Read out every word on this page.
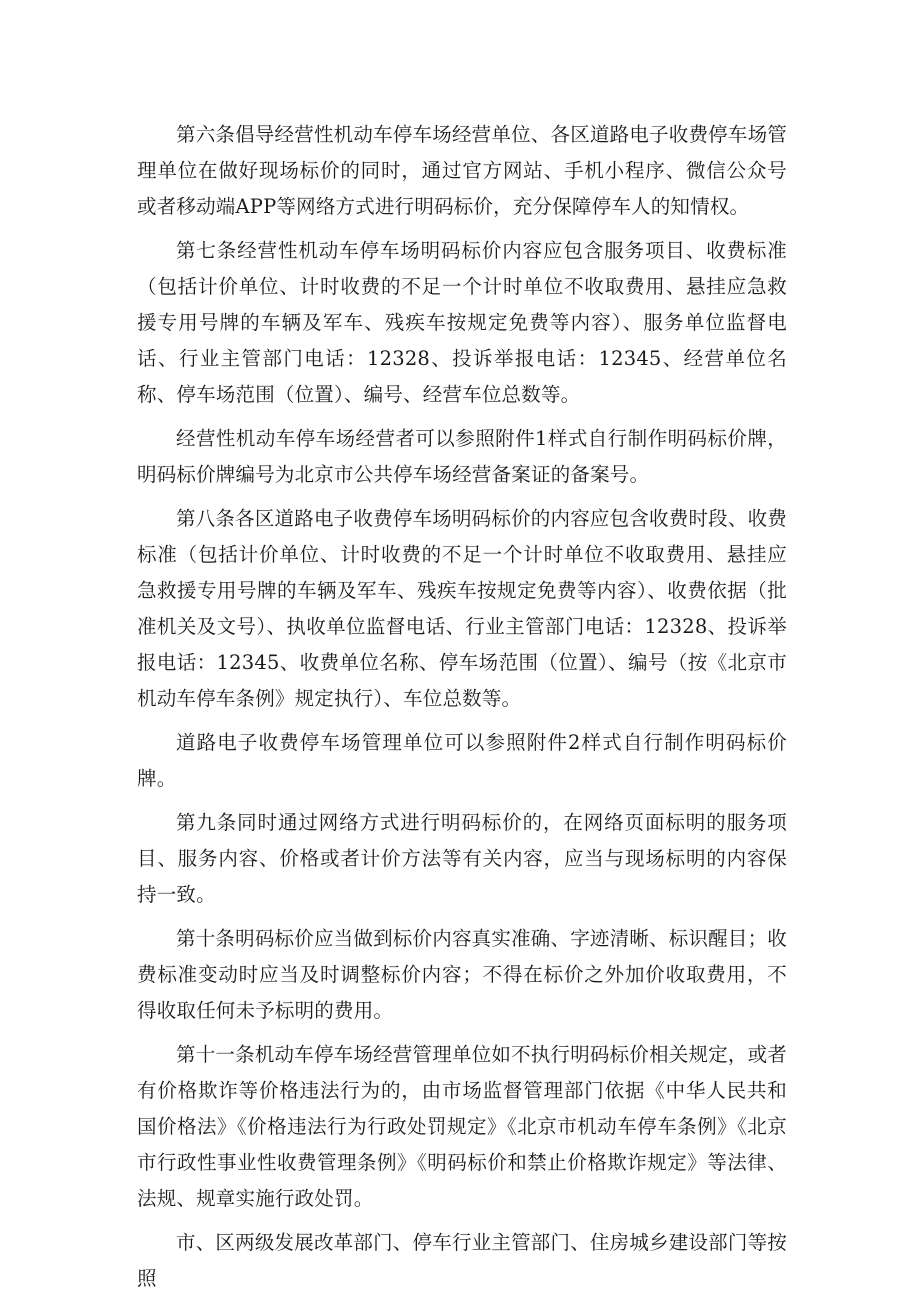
第六条倡导经营性机动车停车场经营单位、各区道路电子收费停车场管理单位在做好现场标价的同时，通过官方网站、手机小程序、微信公众号或者移动端APP等网络方式进行明码标价，充分保障停车人的知情权。

第七条经营性机动车停车场明码标价内容应包含服务项目、收费标准（包括计价单位、计时收费的不足一个计时单位不收取费用、悬挂应急救援专用号牌的车辆及军车、残疾车按规定免费等内容）、服务单位监督电话、行业主管部门电话：12328、投诉举报电话：12345、经营单位名称、停车场范围（位置）、编号、经营车位总数等。

经营性机动车停车场经营者可以参照附件1样式自行制作明码标价牌，明码标价牌编号为北京市公共停车场经营备案证的备案号。

第八条各区道路电子收费停车场明码标价的内容应包含收费时段、收费标准（包括计价单位、计时收费的不足一个计时单位不收取费用、悬挂应急救援专用号牌的车辆及军车、残疾车按规定免费等内容）、收费依据（批准机关及文号）、执收单位监督电话、行业主管部门电话：12328、投诉举报电话：12345、收费单位名称、停车场范围（位置）、编号（按《北京市机动车停车条例》规定执行）、车位总数等。

道路电子收费停车场管理单位可以参照附件2样式自行制作明码标价牌。

第九条同时通过网络方式进行明码标价的，在网络页面标明的服务项目、服务内容、价格或者计价方法等有关内容，应当与现场标明的内容保持一致。

第十条明码标价应当做到标价内容真实准确、字迹清晰、标识醒目；收费标准变动时应当及时调整标价内容；不得在标价之外加价收取费用，不得收取任何未予标明的费用。

第十一条机动车停车场经营管理单位如不执行明码标价相关规定，或者有价格欺诈等价格违法行为的，由市场监督管理部门依据《中华人民共和国价格法》《价格违法行为行政处罚规定》《北京市机动车停车条例》《北京市行政性事业性收费管理条例》《明码标价和禁止价格欺诈规定》等法律、法规、规章实施行政处罚。

市、区两级发展改革部门、停车行业主管部门、住房城乡建设部门等按照
